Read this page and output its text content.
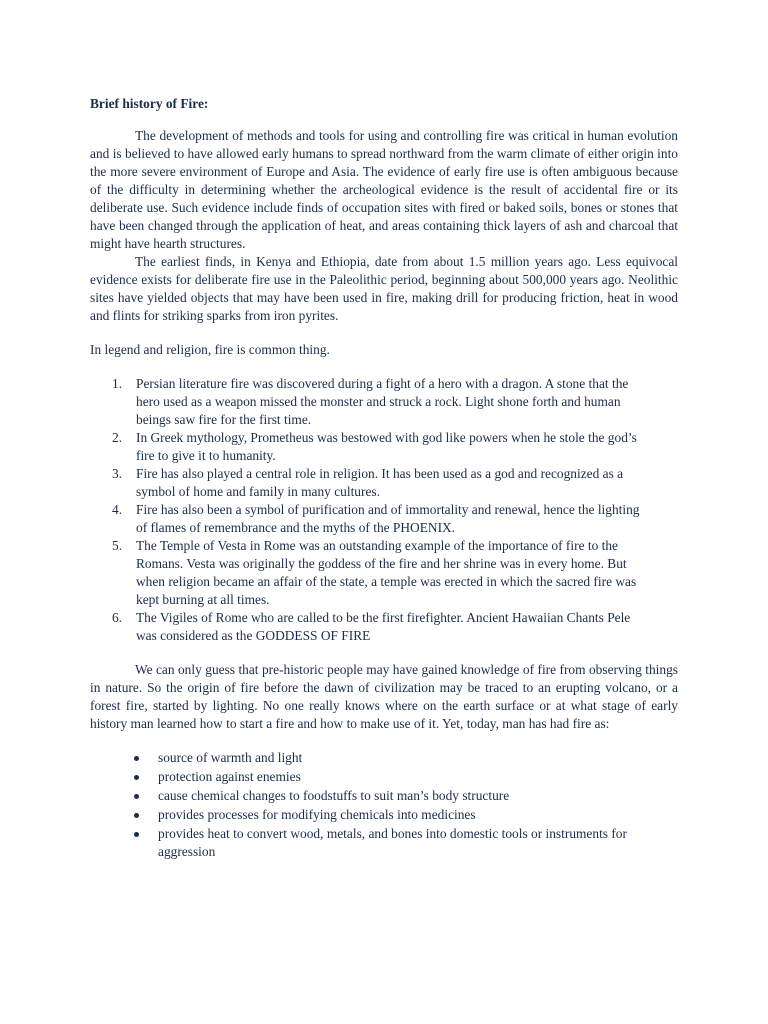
Brief history of Fire:

The development of methods and tools for using and controlling fire was critical in human evolution and is believed to have allowed early humans to spread northward from the warm climate of either origin into the more severe environment of Europe and Asia. The evidence of early fire use is often ambiguous because of the difficulty in determining whether the archeological evidence is the result of accidental fire or its deliberate use. Such evidence include finds of occupation sites with fired or baked soils, bones or stones that have been changed through the application of heat, and areas containing thick layers of ash and charcoal that might have hearth structures.

The earliest finds, in Kenya and Ethiopia, date from about 1.5 million years ago. Less equivocal evidence exists for deliberate fire use in the Paleolithic period, beginning about 500,000 years ago. Neolithic sites have yielded objects that may have been used in fire, making drill for producing friction, heat in wood and flints for striking sparks from iron pyrites.

In legend and religion, fire is common thing.

1. Persian literature fire was discovered during a fight of a hero with a dragon. A stone that the hero used as a weapon missed the monster and struck a rock. Light shone forth and human beings saw fire for the first time.
2. In Greek mythology, Prometheus was bestowed with god like powers when he stole the god’s fire to give it to humanity.
3. Fire has also played a central role in religion. It has been used as a god and recognized as a symbol of home and family in many cultures.
4. Fire has also been a symbol of purification and of immortality and renewal, hence the lighting of flames of remembrance and the myths of the PHOENIX.
5. The Temple of Vesta in Rome was an outstanding example of the importance of fire to the Romans. Vesta was originally the goddess of the fire and her shrine was in every home. But when religion became an affair of the state, a temple was erected in which the sacred fire was kept burning at all times.
6. The Vigiles of Rome who are called to be the first firefighter. Ancient Hawaiian Chants Pele was considered as the GODDESS OF FIRE

We can only guess that pre-historic people may have gained knowledge of fire from observing things in nature. So the origin of fire before the dawn of civilization may be traced to an erupting volcano, or a forest fire, started by lighting. No one really knows where on the earth surface or at what stage of early history man learned how to start a fire and how to make use of it. Yet, today, man has had fire as:

source of warmth and light
protection against enemies
cause chemical changes to foodstuffs to suit man’s body structure
provides processes for modifying chemicals into medicines
provides heat to convert wood, metals, and bones into domestic tools or instruments for aggression
